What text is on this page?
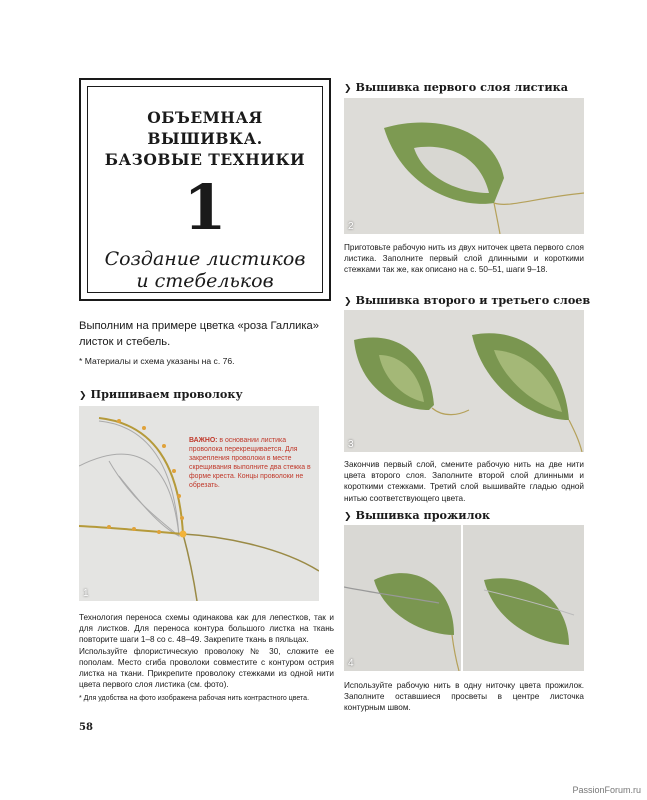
ОБЪЕМНАЯ ВЫШИВКА.
БАЗОВЫЕ ТЕХНИКИ
1
Создание листиков
и стебельков
Выполним на примере цветка «роза Галлика» листок и стебель.
* Материалы и схема указаны на с. 76.
❯ Пришиваем проволоку
1
ВАЖНО: в основании листика проволока перекрещивается. Для закрепления проволоки в месте скрещивания выполните два стежка в форме креста. Концы проволоки не обрезать.

Технология переноса схемы одинакова как для лепестков, так и для листков. Для переноса контура большого листка на ткань повторите шаги 1–8 со с. 48–49. Закрепите ткань в пяльцах.

Используйте флористическую проволоку № 30, сложите ее пополам. Место сгиба проволоки совместите с контуром острия листка на ткани. Прикрепите проволоку стежками из одной нити цвета первого слоя листика (см. фото).

* Для удобства на фото изображена рабочая нить контрастного цвета.

❯ Вышивка первого слоя листика
2
Приготовьте рабочую нить из двух ниточек цвета первого слоя листика. Заполните первый слой длинными и короткими стежками так же, как описано на с. 50–51, шаги 9–18.
❯ Вышивка второго и третьего слоев
3
Закончив первый слой, смените рабочую нить на две нити цвета второго слоя. Заполните второй слой длинными и короткими стежками. Третий слой вышивайте гладью одной нитью соответствующего цвета.
❯ Вышивка прожилок
4
Используйте рабочую нить в одну ниточку цвета прожилок. Заполните оставшиеся просветы в центре листочка контурным швом.
58
PassionForum.ru
